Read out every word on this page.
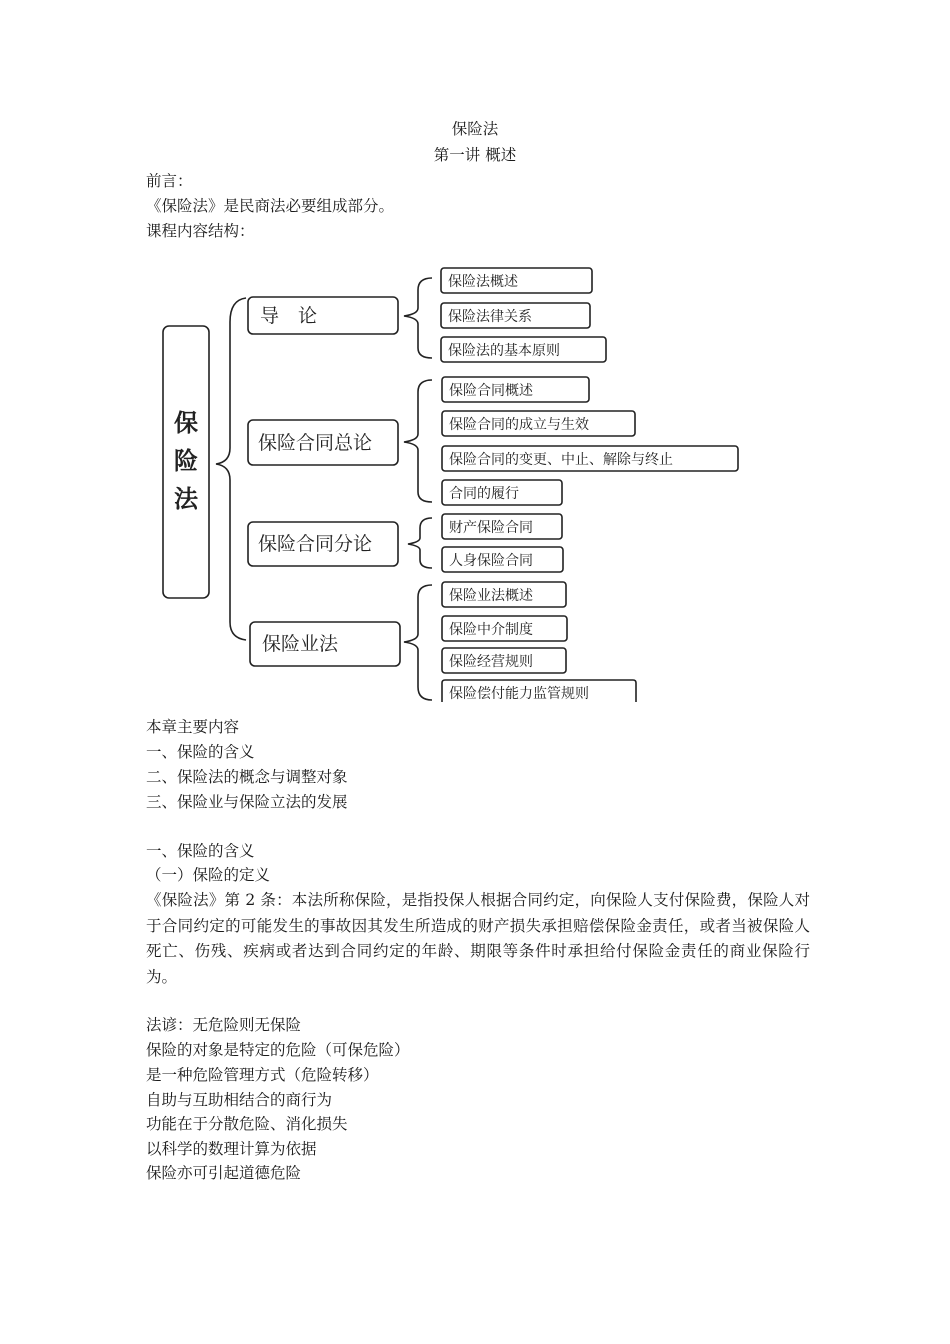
保险法
第一讲 概述
前言：
《保险法》是民商法必要组成部分。
课程内容结构：
保
险
法
导　论
保险合同总论
保险合同分论
保险业法
保险法概述
保险法律关系
保险法的基本原则
保险合同概述
保险合同的成立与生效
保险合同的变更、中止、解除与终止
合同的履行
财产保险合同
人身保险合同
保险业法概述
保险中介制度
保险经营规则
保险偿付能力监管规则
本章主要内容
一、保险的含义
二、保险法的概念与调整对象
三、保险业与保险立法的发展
一、保险的含义
（一）保险的定义
《保险法》第 2 条：本法所称保险，是指投保人根据合同约定，向保险人支付保险费，保险人对于合同约定的可能发生的事故因其发生所造成的财产损失承担赔偿保险金责任，或者当被保险人死亡、伤残、疾病或者达到合同约定的年龄、期限等条件时承担给付保险金责任的商业保险行为。
法谚：无危险则无保险
保险的对象是特定的危险（可保危险）
是一种危险管理方式（危险转移）
自助与互助相结合的商行为
功能在于分散危险、消化损失
以科学的数理计算为依据
保险亦可引起道德危险
